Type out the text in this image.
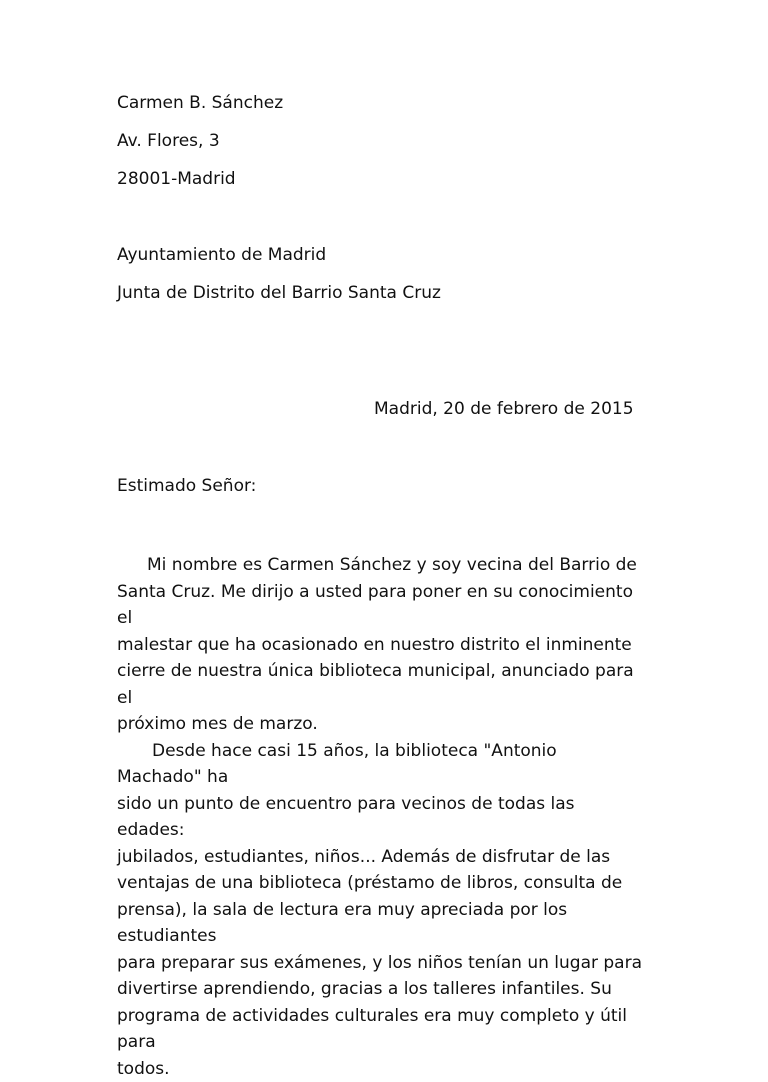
Carmen B. Sánchez
Av. Flores, 3
28001-Madrid
Ayuntamiento de Madrid
Junta de Distrito del Barrio Santa Cruz
Madrid, 20 de febrero de 2015
Estimado Señor:

Mi nombre es Carmen Sánchez y soy vecina del Barrio de
Santa Cruz. Me dirijo a usted para poner en su conocimiento el
malestar que ha ocasionado en nuestro distrito el inminente
cierre de nuestra única biblioteca municipal, anunciado para el
próximo mes de marzo.

Desde hace casi 15 años, la biblioteca "Antonio Machado" ha
sido un punto de encuentro para vecinos de todas las edades:
jubilados, estudiantes, niños... Además de disfrutar de las
ventajas de una biblioteca (préstamo de libros, consulta de
prensa), la sala de lectura era muy apreciada por los estudiantes
para preparar sus exámenes, y los niños tenían un lugar para
divertirse aprendiendo, gracias a los talleres infantiles. Su
programa de actividades culturales era muy completo y útil para
todos.
